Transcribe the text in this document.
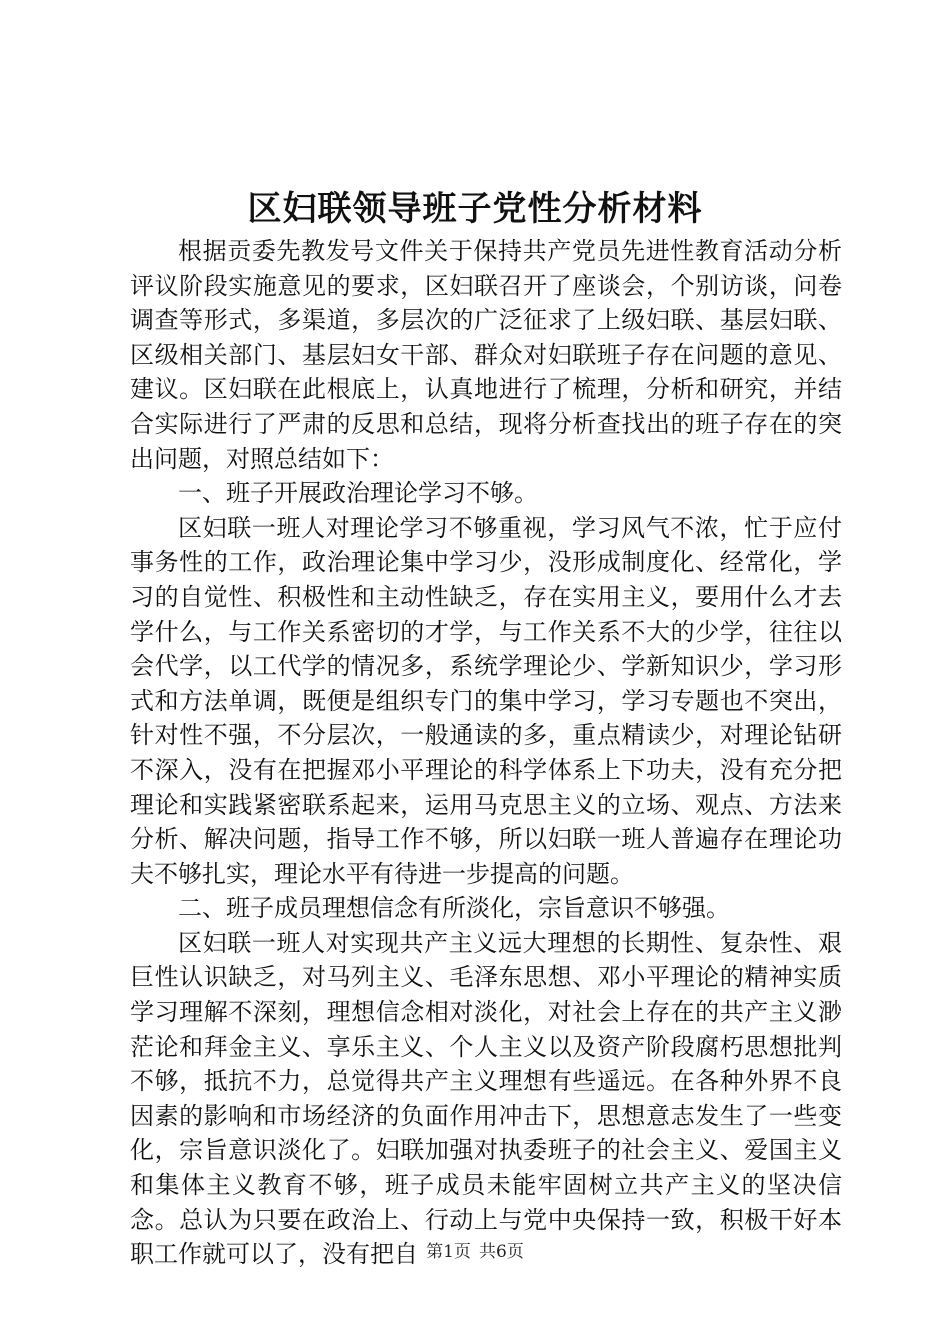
区妇联领导班子党性分析材料

根据贡委先教发号文件关于保持共产党员先进性教育活动分析评议阶段实施意见的要求，区妇联召开了座谈会，个别访谈，问卷调查等形式，多渠道，多层次的广泛征求了上级妇联、基层妇联、区级相关部门、基层妇女干部、群众对妇联班子存在问题的意见、建议。区妇联在此根底上，认真地进行了梳理，分析和研究，并结合实际进行了严肃的反思和总结，现将分析查找出的班子存在的突出问题，对照总结如下：

一、班子开展政治理论学习不够。

区妇联一班人对理论学习不够重视，学习风气不浓，忙于应付事务性的工作，政治理论集中学习少，没形成制度化、经常化，学习的自觉性、积极性和主动性缺乏，存在实用主义，要用什么才去学什么，与工作关系密切的才学，与工作关系不大的少学，往往以会代学，以工代学的情况多，系统学理论少、学新知识少，学习形式和方法单调，既便是组织专门的集中学习，学习专题也不突出，针对性不强，不分层次，一般通读的多，重点精读少，对理论钻研不深入，没有在把握邓小平理论的科学体系上下功夫，没有充分把理论和实践紧密联系起来，运用马克思主义的立场、观点、方法来分析、解决问题，指导工作不够，所以妇联一班人普遍存在理论功夫不够扎实，理论水平有待进一步提高的问题。

二、班子成员理想信念有所淡化，宗旨意识不够强。

区妇联一班人对实现共产主义远大理想的长期性、复杂性、艰巨性认识缺乏，对马列主义、毛泽东思想、邓小平理论的精神实质学习理解不深刻，理想信念相对淡化，对社会上存在的共产主义渺茫论和拜金主义、享乐主义、个人主义以及资产阶段腐朽思想批判不够，抵抗不力，总觉得共产主义理想有些遥远。在各种外界不良因素的影响和市场经济的负面作用冲击下，思想意志发生了一些变化，宗旨意识淡化了。妇联加强对执委班子的社会主义、爱国主义和集体主义教育不够，班子成员未能牢固树立共产主义的坚决信念。总认为只要在政治上、行动上与党中央保持一致，积极干好本职工作就可以了，没有把自 第1页 共6页
